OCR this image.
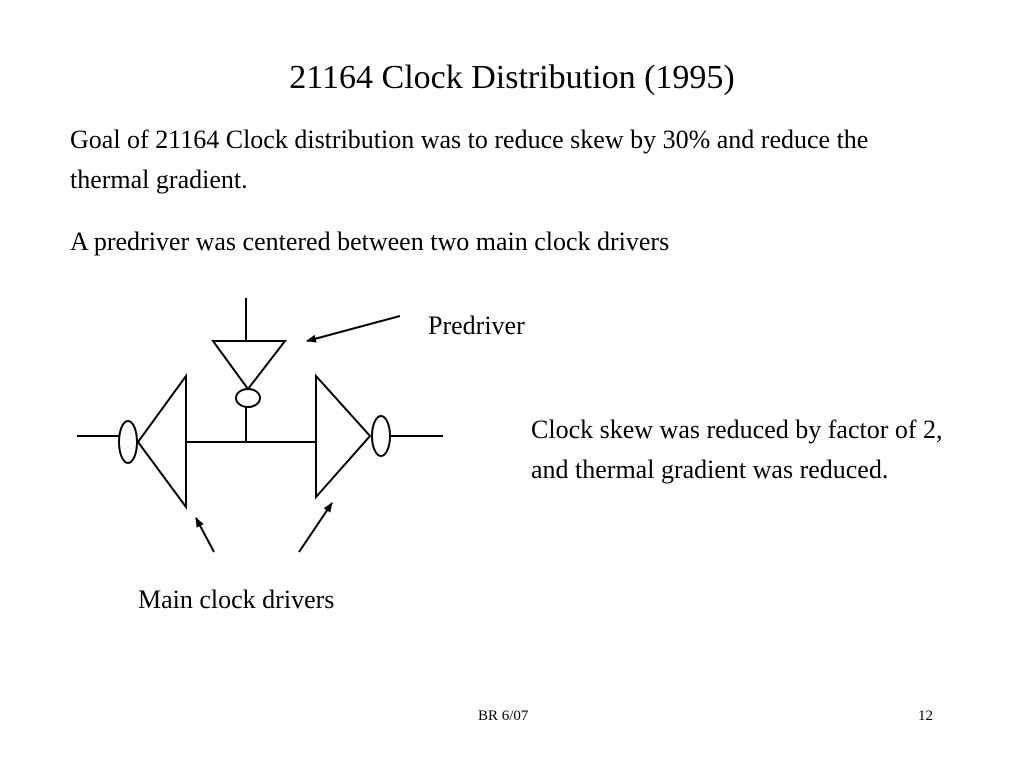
21164 Clock Distribution (1995)
Goal of 21164 Clock distribution was to reduce skew by 30% and reduce the thermal gradient.
A predriver was centered between two main clock drivers
Predriver
Main clock drivers
Clock skew was reduced by factor of 2, and thermal gradient was reduced.
BR 6/07	12
